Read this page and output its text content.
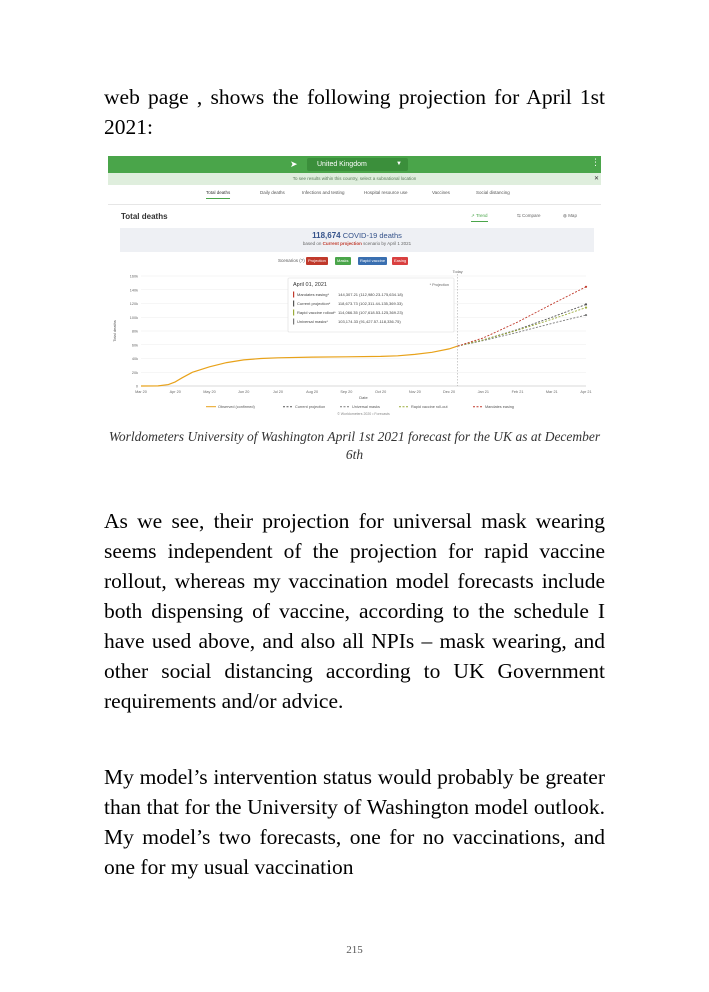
web page , shows the following projection for April 1st 2021:

➤	United Kingdom	▼	⋮
To see results within this country, select a subnational location	✕
Total deaths	Daily deaths	Infections and testing	Hospital resource use	Vaccines	Social distancing
Total deaths	↗ Trend	⇆ Compare	◍ Map
118,674 COVID-19 deaths
based on Current projection scenario by April 1 2021
Scenarios (?) Projection	Masks	Rapid vaccine	Easing
0
20k
40k
60k
80k
100k
120k
140k
160k
Mar 20	Apr 20	May 20	Jun 20	Jul 20	Aug 20	Sep 20	Oct 20	Nov 20	Dec 20	Jan 21	Feb 21	Mar 21	Apr 21
Date
Total deaths
Today
April 01, 2021	* Projection
Mandates easing* 144,307.21 (112,980.23-175,634.18)
Current projection* 118,673.73 (102,311.44-135,369.33)
Rapid vaccine rollout* 114,066.35 (107,618.53-125,369.23)
Universal masks*	103,174.33 (91,427.57-118,336.75)
Observed (confirmed)	Current projection	Universal masks	Rapid vaccine roll-out	Mandates easing
© Worldometers 2020 • Forecasts
Worldometers University of Washington April 1st 2021 forecast for the UK as at December 6th

As we see, their projection for universal mask wearing seems independent of the projection for rapid vaccine rollout, whereas my vaccination model forecasts include both dispensing of vaccine, according to the schedule I have used above, and also all NPIs – mask wearing, and other social distancing according to UK Government requirements and/or advice.

My model’s intervention status would probably be greater than that for the University of Washington model outlook. My model’s two forecasts, one for no vaccinations, and one for my usual vaccination

215
